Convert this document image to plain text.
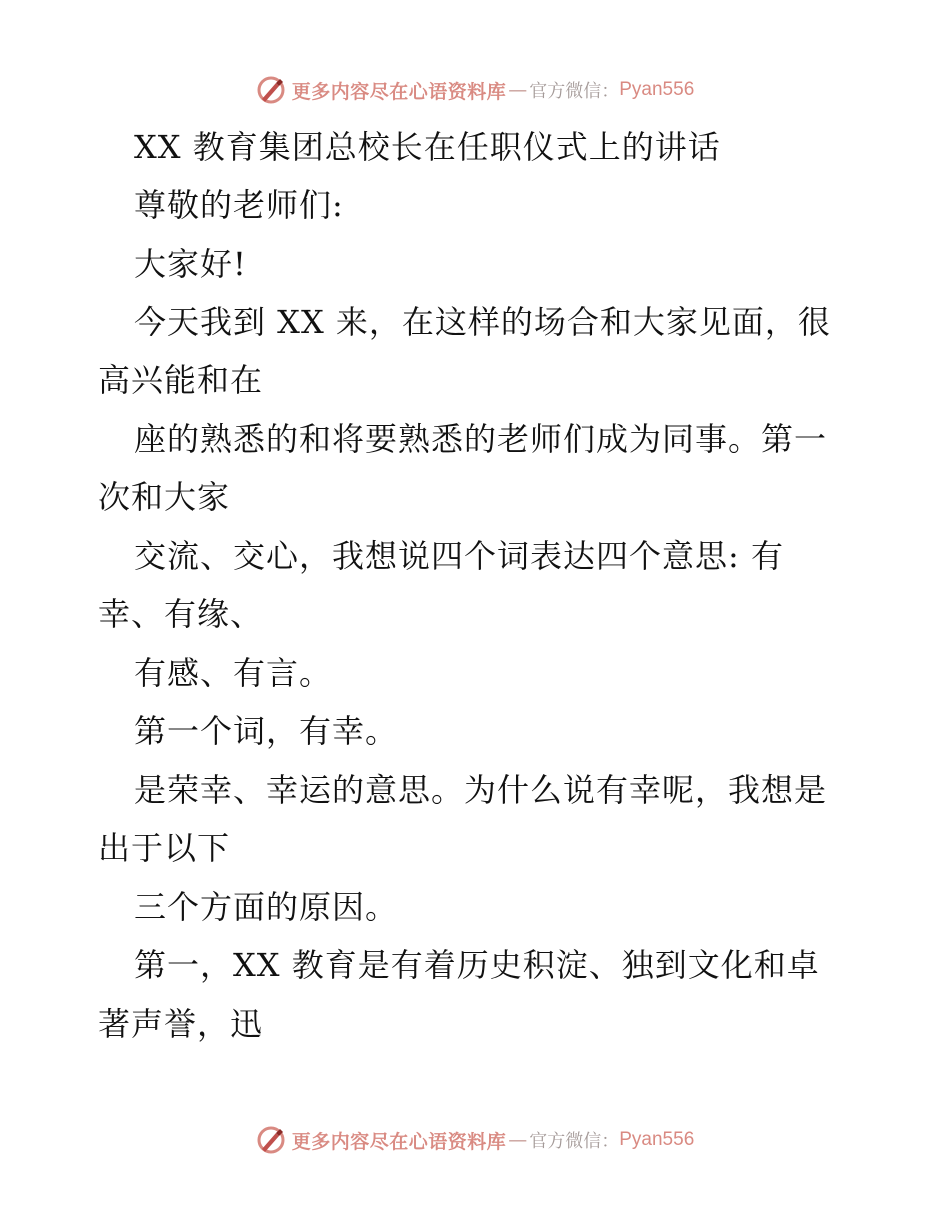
更多内容尽在心语资料库 — 官方微信： Pyan556
XX 教育集团总校长在任职仪式上的讲话
尊敬的老师们:
大家好!
今天我到 XX 来，在这样的场合和大家见面，很
高兴能和在
座的熟悉的和将要熟悉的老师们成为同事。第一
次和大家
交流、交心，我想说四个词表达四个意思: 有
幸、有缘、
有感、有言。
第一个词，有幸。
是荣幸、幸运的意思。为什么说有幸呢，我想是
出于以下
三个方面的原因。
第一，XX 教育是有着历史积淀、独到文化和卓
著声誉，迅
更多内容尽在心语资料库 — 官方微信： Pyan556
